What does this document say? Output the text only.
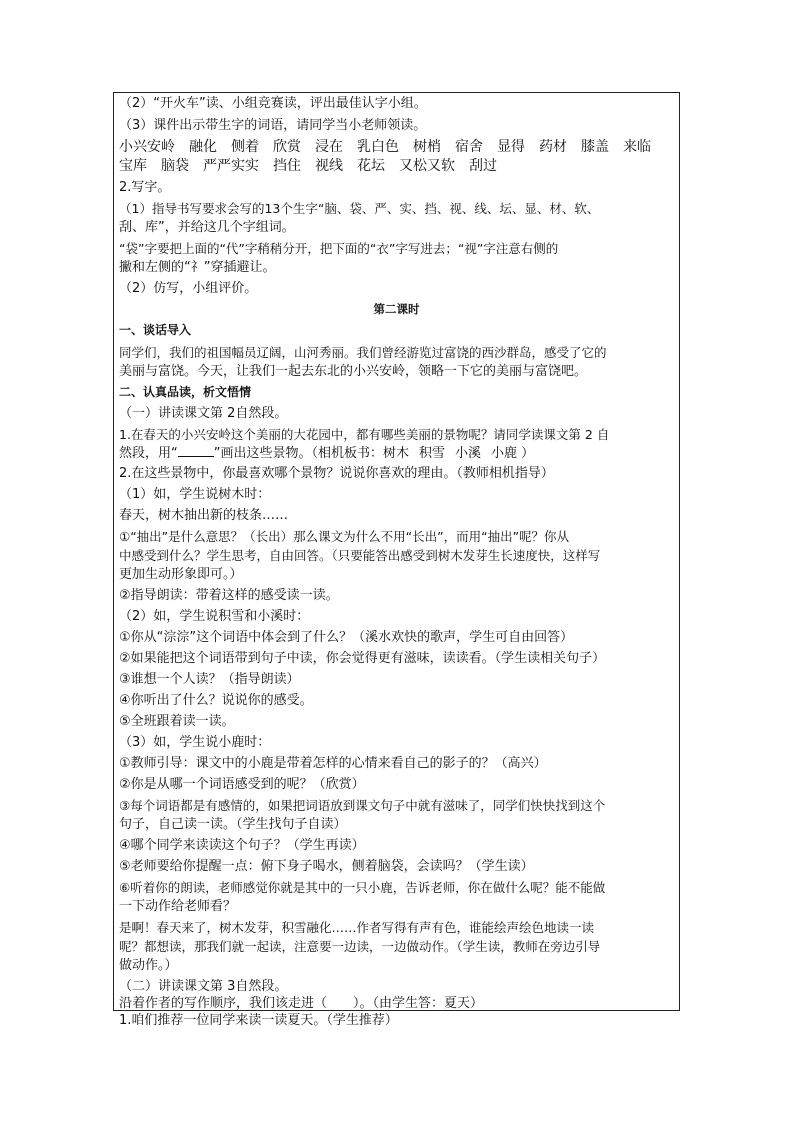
（2）“开火车”读、小组竞赛读，评出最佳认字小组。
（3）课件出示带生字的词语，请同学当小老师领读。
小兴安岭 融化 侧着 欣赏 浸在 乳白色 树梢 宿舍 显得 药材 膝盖 来临
宝库 脑袋 严严实实 挡住 视线 花坛 又松又软 刮过
2.写字。
（1）指导书写要求会写的13个生字“脑、袋、严、实、挡、视、线、坛、显、材、软、
刮、库”，并给这几个字组词。
“袋”字要把上面的“代”字稍稍分开，把下面的“衣”字写进去；“视”字注意右侧的
撇和左侧的“礻”穿插避让。
（2）仿写，小组评价。
第二课时
一、谈话导入
同学们，我们的祖国幅员辽阔，山河秀丽。我们曾经游览过富饶的西沙群岛，感受了它的
美丽与富饶。今天，让我们一起去东北的小兴安岭，领略一下它的美丽与富饶吧。
二、认真品读，析文悟情
（一）讲读课文第 2自然段。
1.在春天的小兴安岭这个美丽的大花园中，都有哪些美丽的景物呢？请同学读课文第 2 自
然段，用“	”画出这些景物。（相机板书：树木 积雪 小溪 小鹿 ）
2.在这些景物中，你最喜欢哪个景物？说说你喜欢的理由。（教师相机指导）
（1）如，学生说树木时：
春天，树木抽出新的枝条……
①“抽出”是什么意思？（长出）那么课文为什么不用“长出”，而用“抽出”呢？你从
中感受到什么？学生思考，自由回答。（只要能答出感受到树木发芽生长速度快，这样写
更加生动形象即可。）
②指导朗读：带着这样的感受读一读。
（2）如，学生说积雪和小溪时：
①你从“淙淙”这个词语中体会到了什么？（溪水欢快的歌声，学生可自由回答）
②如果能把这个词语带到句子中读，你会觉得更有滋味，读读看。（学生读相关句子）
③谁想一个人读？（指导朗读）
④你听出了什么？说说你的感受。
⑤全班跟着读一读。
（3）如，学生说小鹿时：
①教师引导：课文中的小鹿是带着怎样的心情来看自己的影子的？（高兴）
②你是从哪一个词语感受到的呢？（欣赏）
③每个词语都是有感情的，如果把词语放到课文句子中就有滋味了，同学们快快找到这个
句子，自己读一读。（学生找句子自读）
④哪个同学来读读这个句子？（学生再读）
⑤老师要给你提醒一点：俯下身子喝水，侧着脑袋，会读吗？（学生读）
⑥听着你的朗读，老师感觉你就是其中的一只小鹿，告诉老师，你在做什么呢？能不能做
一下动作给老师看？
是啊！春天来了，树木发芽，积雪融化……作者写得有声有色，谁能绘声绘色地读一读
呢？都想读，那我们就一起读，注意要一边读，一边做动作。（学生读，教师在旁边引导
做动作。）
（二）讲读课文第 3自然段。
沿着作者的写作顺序，我们该走进（　　）。（由学生答：夏天）
1.咱们推荐一位同学来读一读夏天。（学生推荐）
